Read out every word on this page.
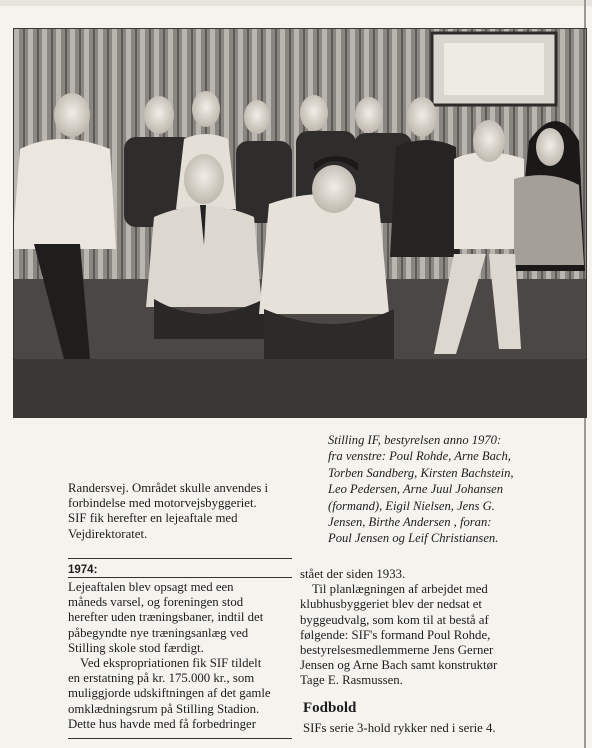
Stilling IF, bestyrelsen anno 1970:
fra venstre: Poul Rohde, Arne Bach,
Torben Sandberg, Kirsten Bachstein,
Leo Pedersen, Arne Juul Johansen
(formand), Eigil Nielsen, Jens G.
Jensen, Birthe Andersen , foran:
Poul Jensen og Leif Christiansen.
Randersvej. Området skulle anvendes i
forbindelse med motorvejsbyggeriet.
SIF fik herefter en lejeaftale med
Vejdirektoratet.
1974:
Lejeaftalen blev opsagt med een
måneds varsel, og foreningen stod
herefter uden træningsbaner, indtil det
påbegyndte nye træningsanlæg ved
Stilling skole stod færdigt.
Ved ekspropriationen fik SIF tildelt
en erstatning på kr. 175.000 kr., som
muliggjorde udskiftningen af det gamle
omklædningsrum på Stilling Stadion.
Dette hus havde med få forbedringer
stået der siden 1933.
Til planlægningen af arbejdet med
klubhusbyggeriet blev der nedsat et
byggeudvalg, som kom til at bestå af
følgende: SIF's formand Poul Rohde,
bestyrelsesmedlemmerne Jens Gerner
Jensen og Arne Bach samt konstruktør
Tage E. Rasmussen.
Fodbold
SIFs serie 3-hold rykker ned i serie 4.
